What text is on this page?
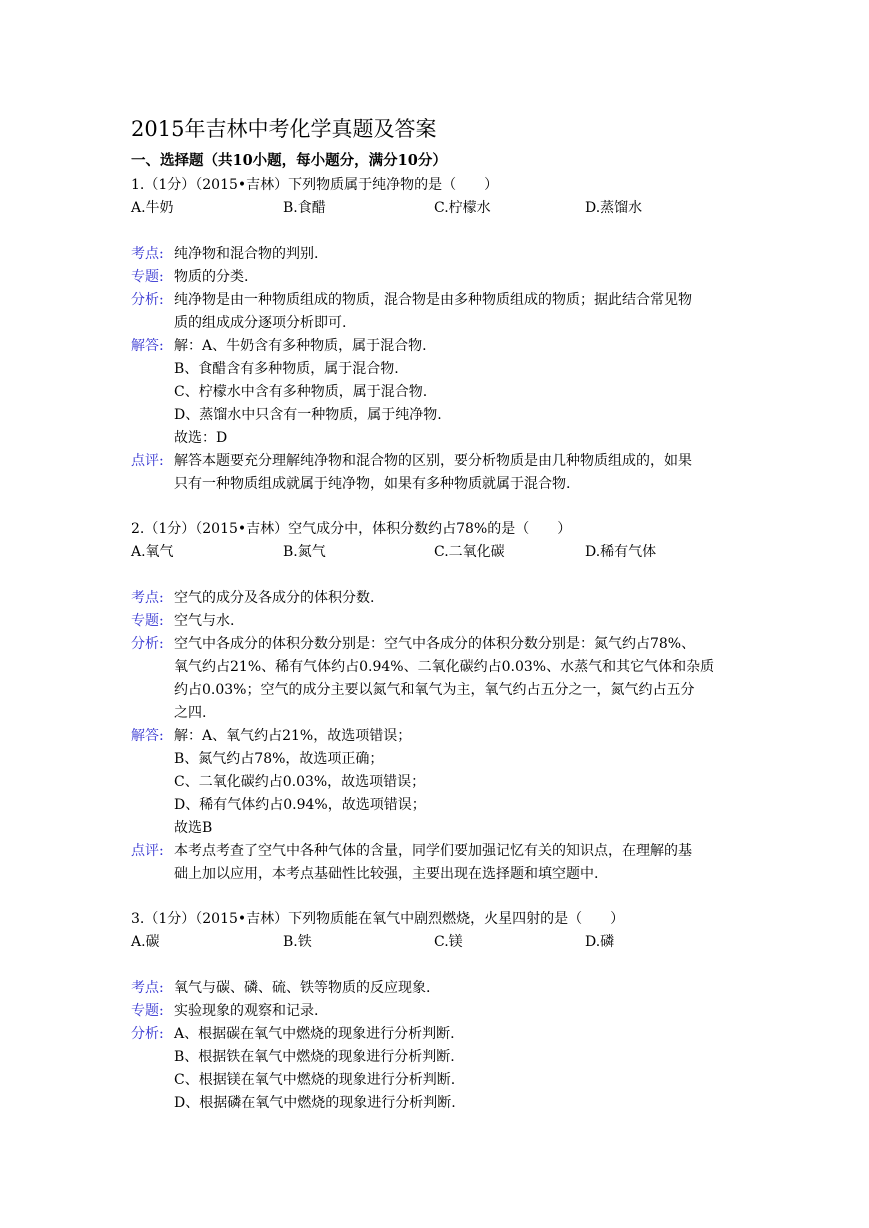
2015年吉林中考化学真题及答案
一、选择题（共10小题，每小题分，满分10分）
1.（1分）（2015•吉林）下列物质属于纯净物的是（　　）
A.牛奶	B.食醋	C.柠檬水	D.蒸馏水
考点: 纯净物和混合物的判别.
专题: 物质的分类.
分析: 纯净物是由一种物质组成的物质，混合物是由多种物质组成的物质；据此结合常见物
质的组成成分逐项分析即可.
解答: 解：A、牛奶含有多种物质，属于混合物.
B、食醋含有多种物质，属于混合物.
C、柠檬水中含有多种物质，属于混合物.
D、蒸馏水中只含有一种物质，属于纯净物.
故选：D
点评: 解答本题要充分理解纯净物和混合物的区别，要分析物质是由几种物质组成的，如果
只有一种物质组成就属于纯净物，如果有多种物质就属于混合物.
2.（1分）（2015•吉林）空气成分中，体积分数约占78%的是（　　）
A.氧气	B.氮气	C.二氧化碳	D.稀有气体
考点: 空气的成分及各成分的体积分数.
专题: 空气与水.
分析: 空气中各成分的体积分数分别是：空气中各成分的体积分数分别是：氮气约占78%、
氧气约占21%、稀有气体约占0.94%、二氧化碳约占0.03%、水蒸气和其它气体和杂质
约占0.03%；空气的成分主要以氮气和氧气为主，氧气约占五分之一，氮气约占五分
之四.
解答: 解：A、氧气约占21%，故选项错误；
B、氮气约占78%，故选项正确；
C、二氧化碳约占0.03%，故选项错误；
D、稀有气体约占0.94%，故选项错误；
故选B
点评: 本考点考查了空气中各种气体的含量，同学们要加强记忆有关的知识点，在理解的基
础上加以应用，本考点基础性比较强，主要出现在选择题和填空题中.
3.（1分）（2015•吉林）下列物质能在氧气中剧烈燃烧，火星四射的是（　　）
A.碳	B.铁	C.镁	D.磷
考点: 氧气与碳、磷、硫、铁等物质的反应现象.
专题: 实验现象的观察和记录.
分析: A、根据碳在氧气中燃烧的现象进行分析判断.
B、根据铁在氧气中燃烧的现象进行分析判断.
C、根据镁在氧气中燃烧的现象进行分析判断.
D、根据磷在氧气中燃烧的现象进行分析判断.
